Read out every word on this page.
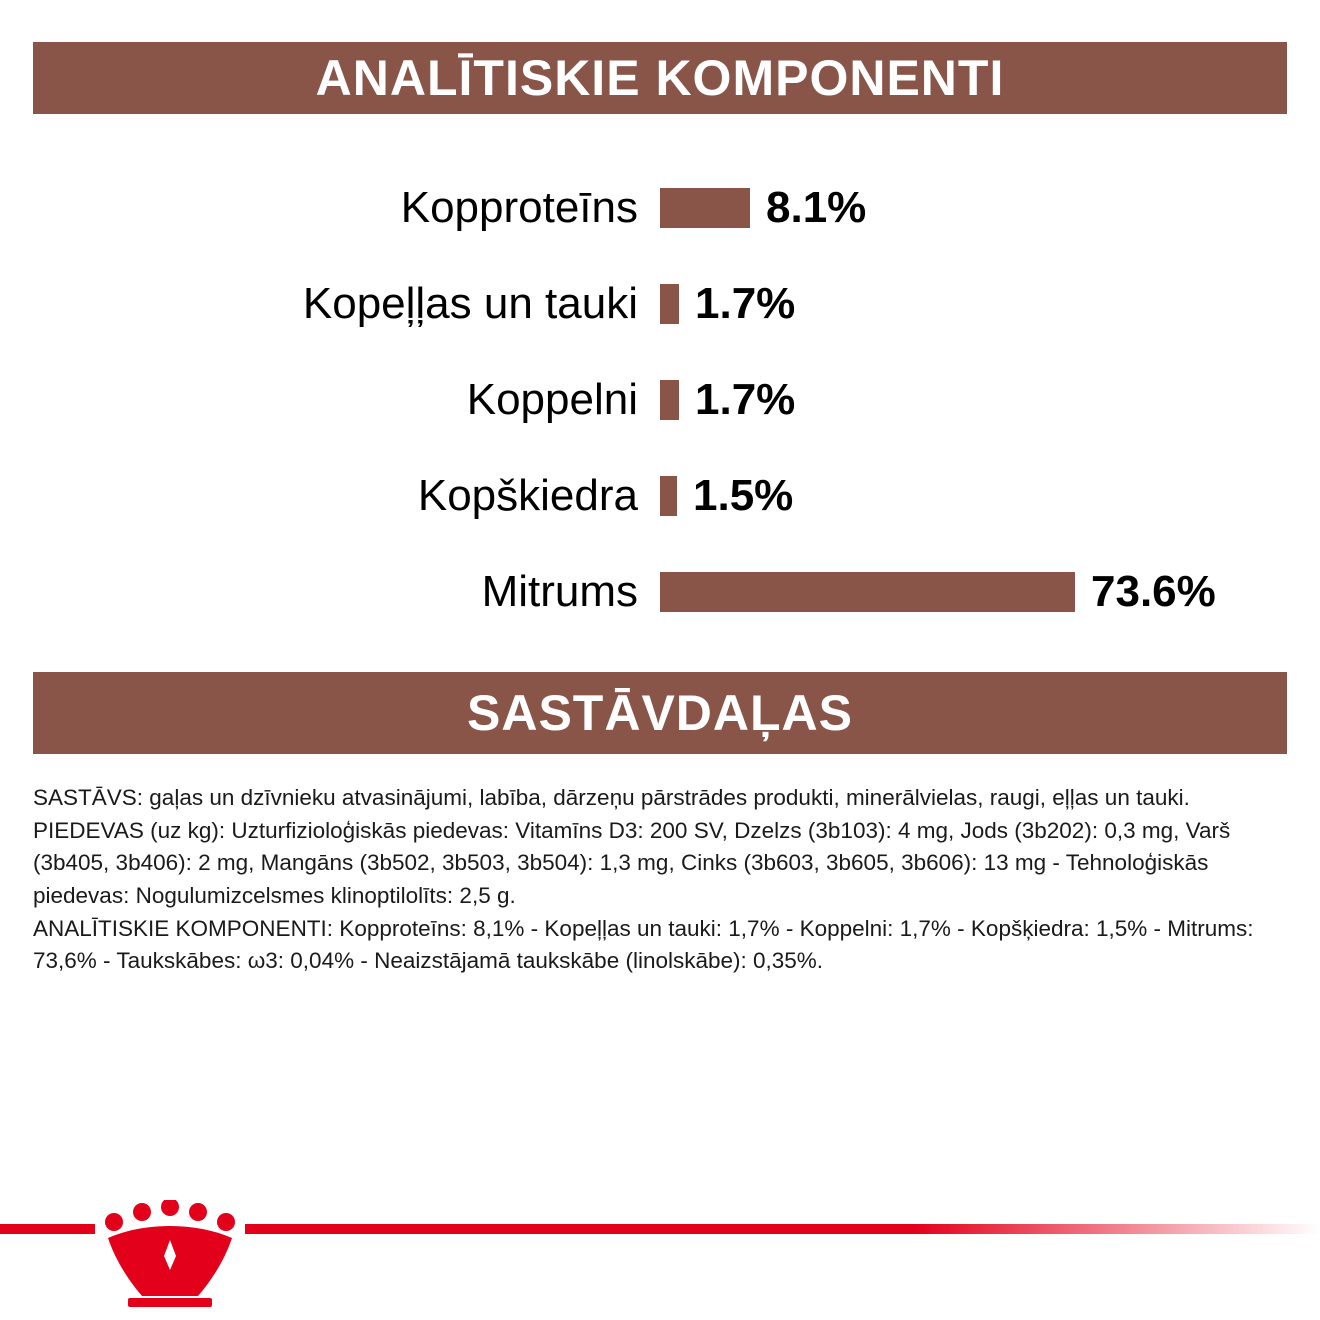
ANALĪTISKIE KOMPONENTI
Kopproteīns	8.1%
Kopeļļas un tauki	1.7%
Koppelni	1.7%
Kopškiedra	1.5%
Mitrums	73.6%
SASTĀVDAĻAS

SASTĀVS: gaļas un dzīvnieku atvasinājumi, labība, dārzeņu pārstrādes produkti, minerālvielas, raugi, eļļas un tauki.

PIEDEVAS (uz kg): Uzturfizioloģiskās piedevas: Vitamīns D3: 200 SV, Dzelzs (3b103): 4 mg, Jods (3b202): 0,3 mg, Varš (3b405, 3b406): 2 mg, Mangāns (3b502, 3b503, 3b504): 1,3 mg, Cinks (3b603, 3b605, 3b606): 13 mg - Tehnoloģiskās piedevas: Nogulumizcelsmes klinoptilolīts: 2,5 g.

ANALĪTISKIE KOMPONENTI: Kopproteīns: 8,1% - Kopeļļas un tauki: 1,7% - Koppelni: 1,7% - Kopšķiedra: 1,5% - Mitrums: 73,6% - Taukskābes: ω3: 0,04% - Neaizstājamā taukskābe (linolskābe): 0,35%.
